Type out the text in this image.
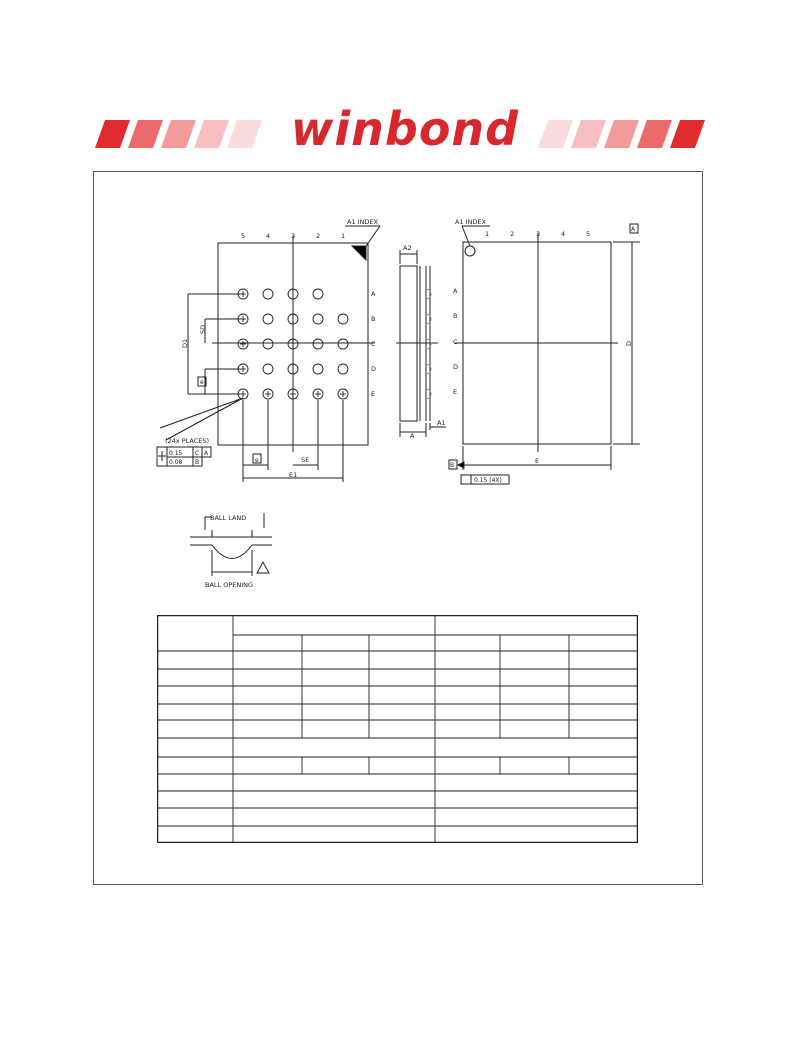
winbond
A1 INDEX	A1 INDEX
D1
SD
e
e	SE
E1
(24x PLACES)
0.15
0.08
C A
B
A2
A1
A
D
A
E
B
0.15 (4X)
BALL LAND
BALL OPENING
5	4	3	2	1
A
B
C
D
E
1	2	3	4	5
A
B
C
D
E
